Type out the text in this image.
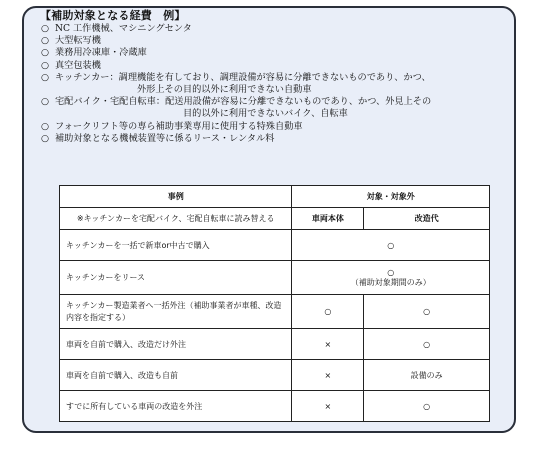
【補助対象となる経費　例】
○ NC 工作機械、マシニングセンタ
○ 大型転写機
○ 業務用冷凍庫・冷蔵庫
○ 真空包装機
○ キッチンカー：調理機能を有しており、調理設備が容易に分離できないものであり、かつ、
外形上その目的以外に利用できない自動車
○ 宅配バイク・宅配自転車：配送用設備が容易に分離できないものであり、かつ、外見上その
目的以外に利用できないバイク、自転車
○ フォークリフト等の専ら補助事業専用に使用する特殊自動車
○ 補助対象となる機械装置等に係るリース・レンタル料
事例	対象・対象外	
※キッチンカーを宅配バイク、宅配自転車に読み替える	車両本体	改造代
キッチンカーを一括で新車or中古で購入	○	
キッチンカーをリース	○
（補助対象期間のみ）	

キッチンカー製造業者へ一括外注（補助事業者が車種、改造内容を指定する）	○	○
車両を自前で購入、改造だけ外注	×	○
車両を自前で購入、改造も自前	×	設備のみ
すでに所有している車両の改造を外注	×	○
